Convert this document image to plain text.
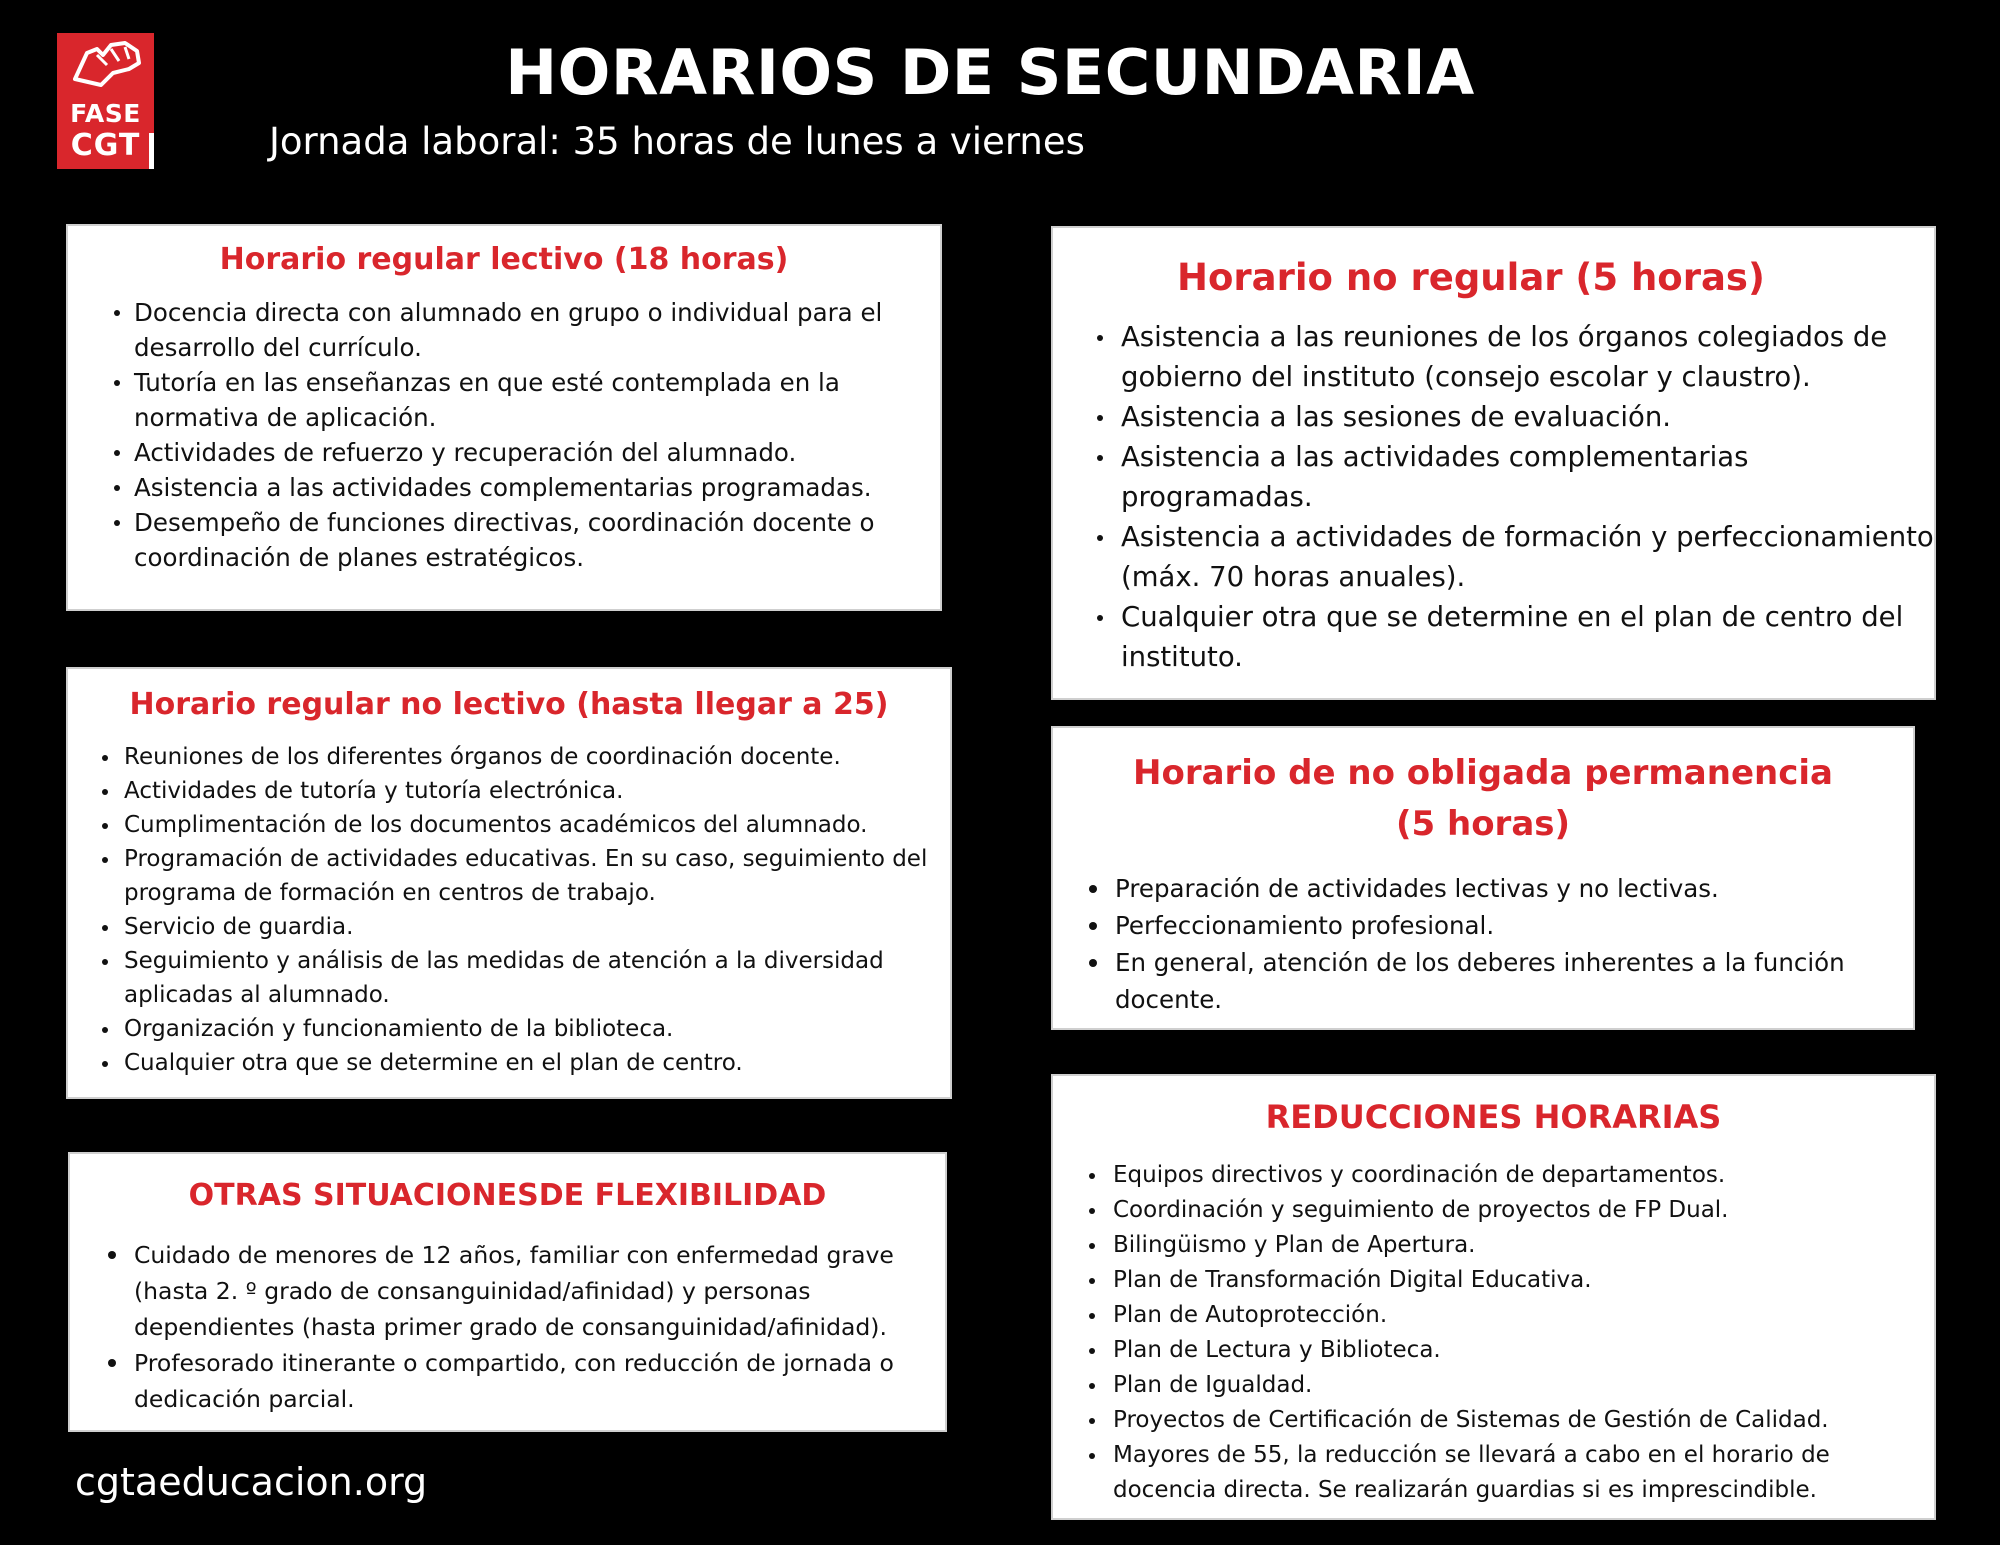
FASE
CGT
HORARIOS DE SECUNDARIA

Jornada laboral: 35 horas de lunes a viernes

Horario regular lectivo (18 horas)
Docencia directa con alumnado en grupo o individual para el desarrollo del currículo.
Tutoría en las enseñanzas en que esté contemplada en la normativa de aplicación.
Actividades de refuerzo y recuperación del alumnado.
Asistencia a las actividades complementarias programadas.
Desempeño de funciones directivas, coordinación docente o coordinación de planes estratégicos.
Horario regular no lectivo (hasta llegar a 25)
Reuniones de los diferentes órganos de coordinación docente.
Actividades de tutoría y tutoría electrónica.
Cumplimentación de los documentos académicos del alumnado.
Programación de actividades educativas. En su caso, seguimiento del programa de formación en centros de trabajo.
Servicio de guardia.
Seguimiento y análisis de las medidas de atención a la diversidad aplicadas al alumnado.
Organización y funcionamiento de la biblioteca.
Cualquier otra que se determine en el plan de centro.
OTRAS SITUACIONESDE FLEXIBILIDAD
Cuidado de menores de 12 años, familiar con enfermedad grave (hasta 2. º grado de consanguinidad/afinidad) y personas dependientes (hasta primer grado de consanguinidad/afinidad).
Profesorado itinerante o compartido, con reducción de jornada o dedicación parcial.
Horario no regular (5 horas)
Asistencia a las reuniones de los órganos colegiados de gobierno del instituto (consejo escolar y claustro).
Asistencia a las sesiones de evaluación.
Asistencia a las actividades complementarias programadas.
Asistencia a actividades de formación y perfeccionamiento (máx. 70 horas anuales).
Cualquier otra que se determine en el plan de centro del instituto.
Horario de no obligada permanencia
(5 horas)
Preparación de actividades lectivas y no lectivas.
Perfeccionamiento profesional.
En general, atención de los deberes inherentes a la función docente.
REDUCCIONES HORARIAS
Equipos directivos y coordinación de departamentos.
Coordinación y seguimiento de proyectos de FP Dual.
Bilingüismo y Plan de Apertura.
Plan de Transformación Digital Educativa.
Plan de Autoprotección.
Plan de Lectura y Biblioteca.
Plan de Igualdad.
Proyectos de Certificación de Sistemas de Gestión de Calidad.
Mayores de 55, la reducción se llevará a cabo en el horario de docencia directa. Se realizarán guardias si es imprescindible.

cgtaeducacion.org
